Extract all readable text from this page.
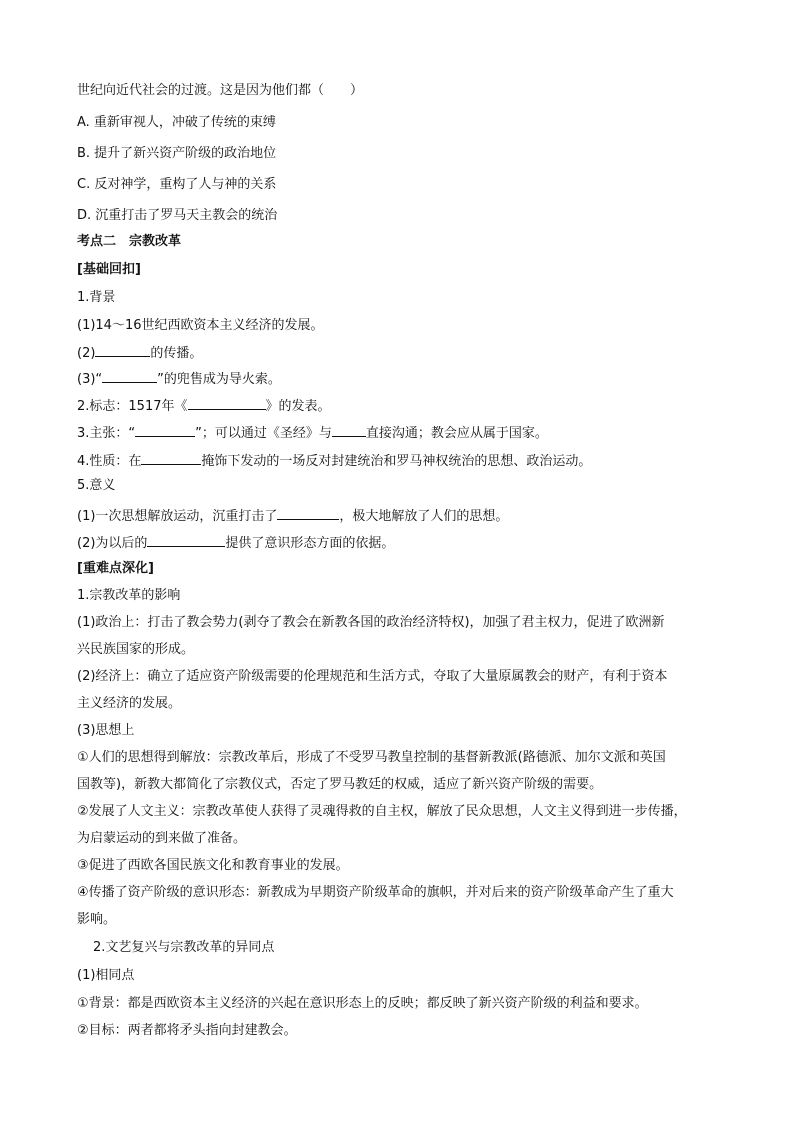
世纪向近代社会的过渡。这是因为他们都（　　）
A. 重新审视人，冲破了传统的束缚
B. 提升了新兴资产阶级的政治地位
C. 反对神学，重构了人与神的关系
D. 沉重打击了罗马天主教会的统治
考点二　宗教改革
[基础回扣]
1.背景
(1)14～16世纪西欧资本主义经济的发展。
(2)	的传播。
(3)“	”的兜售成为导火索。
2.标志：1517年《	》的发表。
3.主张：“	”；可以通过《圣经》与	直接沟通；教会应从属于国家。
4.性质：在	掩饰下发动的一场反对封建统治和罗马神权统治的思想、政治运动。
5.意义
(1)一次思想解放运动，沉重打击了	，极大地解放了人们的思想。
(2)为以后的	提供了意识形态方面的依据。
[重难点深化]
1.宗教改革的影响
(1)政治上：打击了教会势力(剥夺了教会在新教各国的政治经济特权)，加强了君主权力，促进了欧洲新
兴民族国家的形成。
(2)经济上：确立了适应资产阶级需要的伦理规范和生活方式，夺取了大量原属教会的财产，有利于资本
主义经济的发展。
(3)思想上
①人们的思想得到解放：宗教改革后，形成了不受罗马教皇控制的基督新教派(路德派、加尔文派和英国
国教等)，新教大都简化了宗教仪式，否定了罗马教廷的权威，适应了新兴资产阶级的需要。
②发展了人文主义：宗教改革使人获得了灵魂得救的自主权，解放了民众思想，人文主义得到进一步传播，
为启蒙运动的到来做了准备。
③促进了西欧各国民族文化和教育事业的发展。
④传播了资产阶级的意识形态：新教成为早期资产阶级革命的旗帜，并对后来的资产阶级革命产生了重大
影响。
2.文艺复兴与宗教改革的异同点
(1)相同点
①背景：都是西欧资本主义经济的兴起在意识形态上的反映；都反映了新兴资产阶级的利益和要求。
②目标：两者都将矛头指向封建教会。
